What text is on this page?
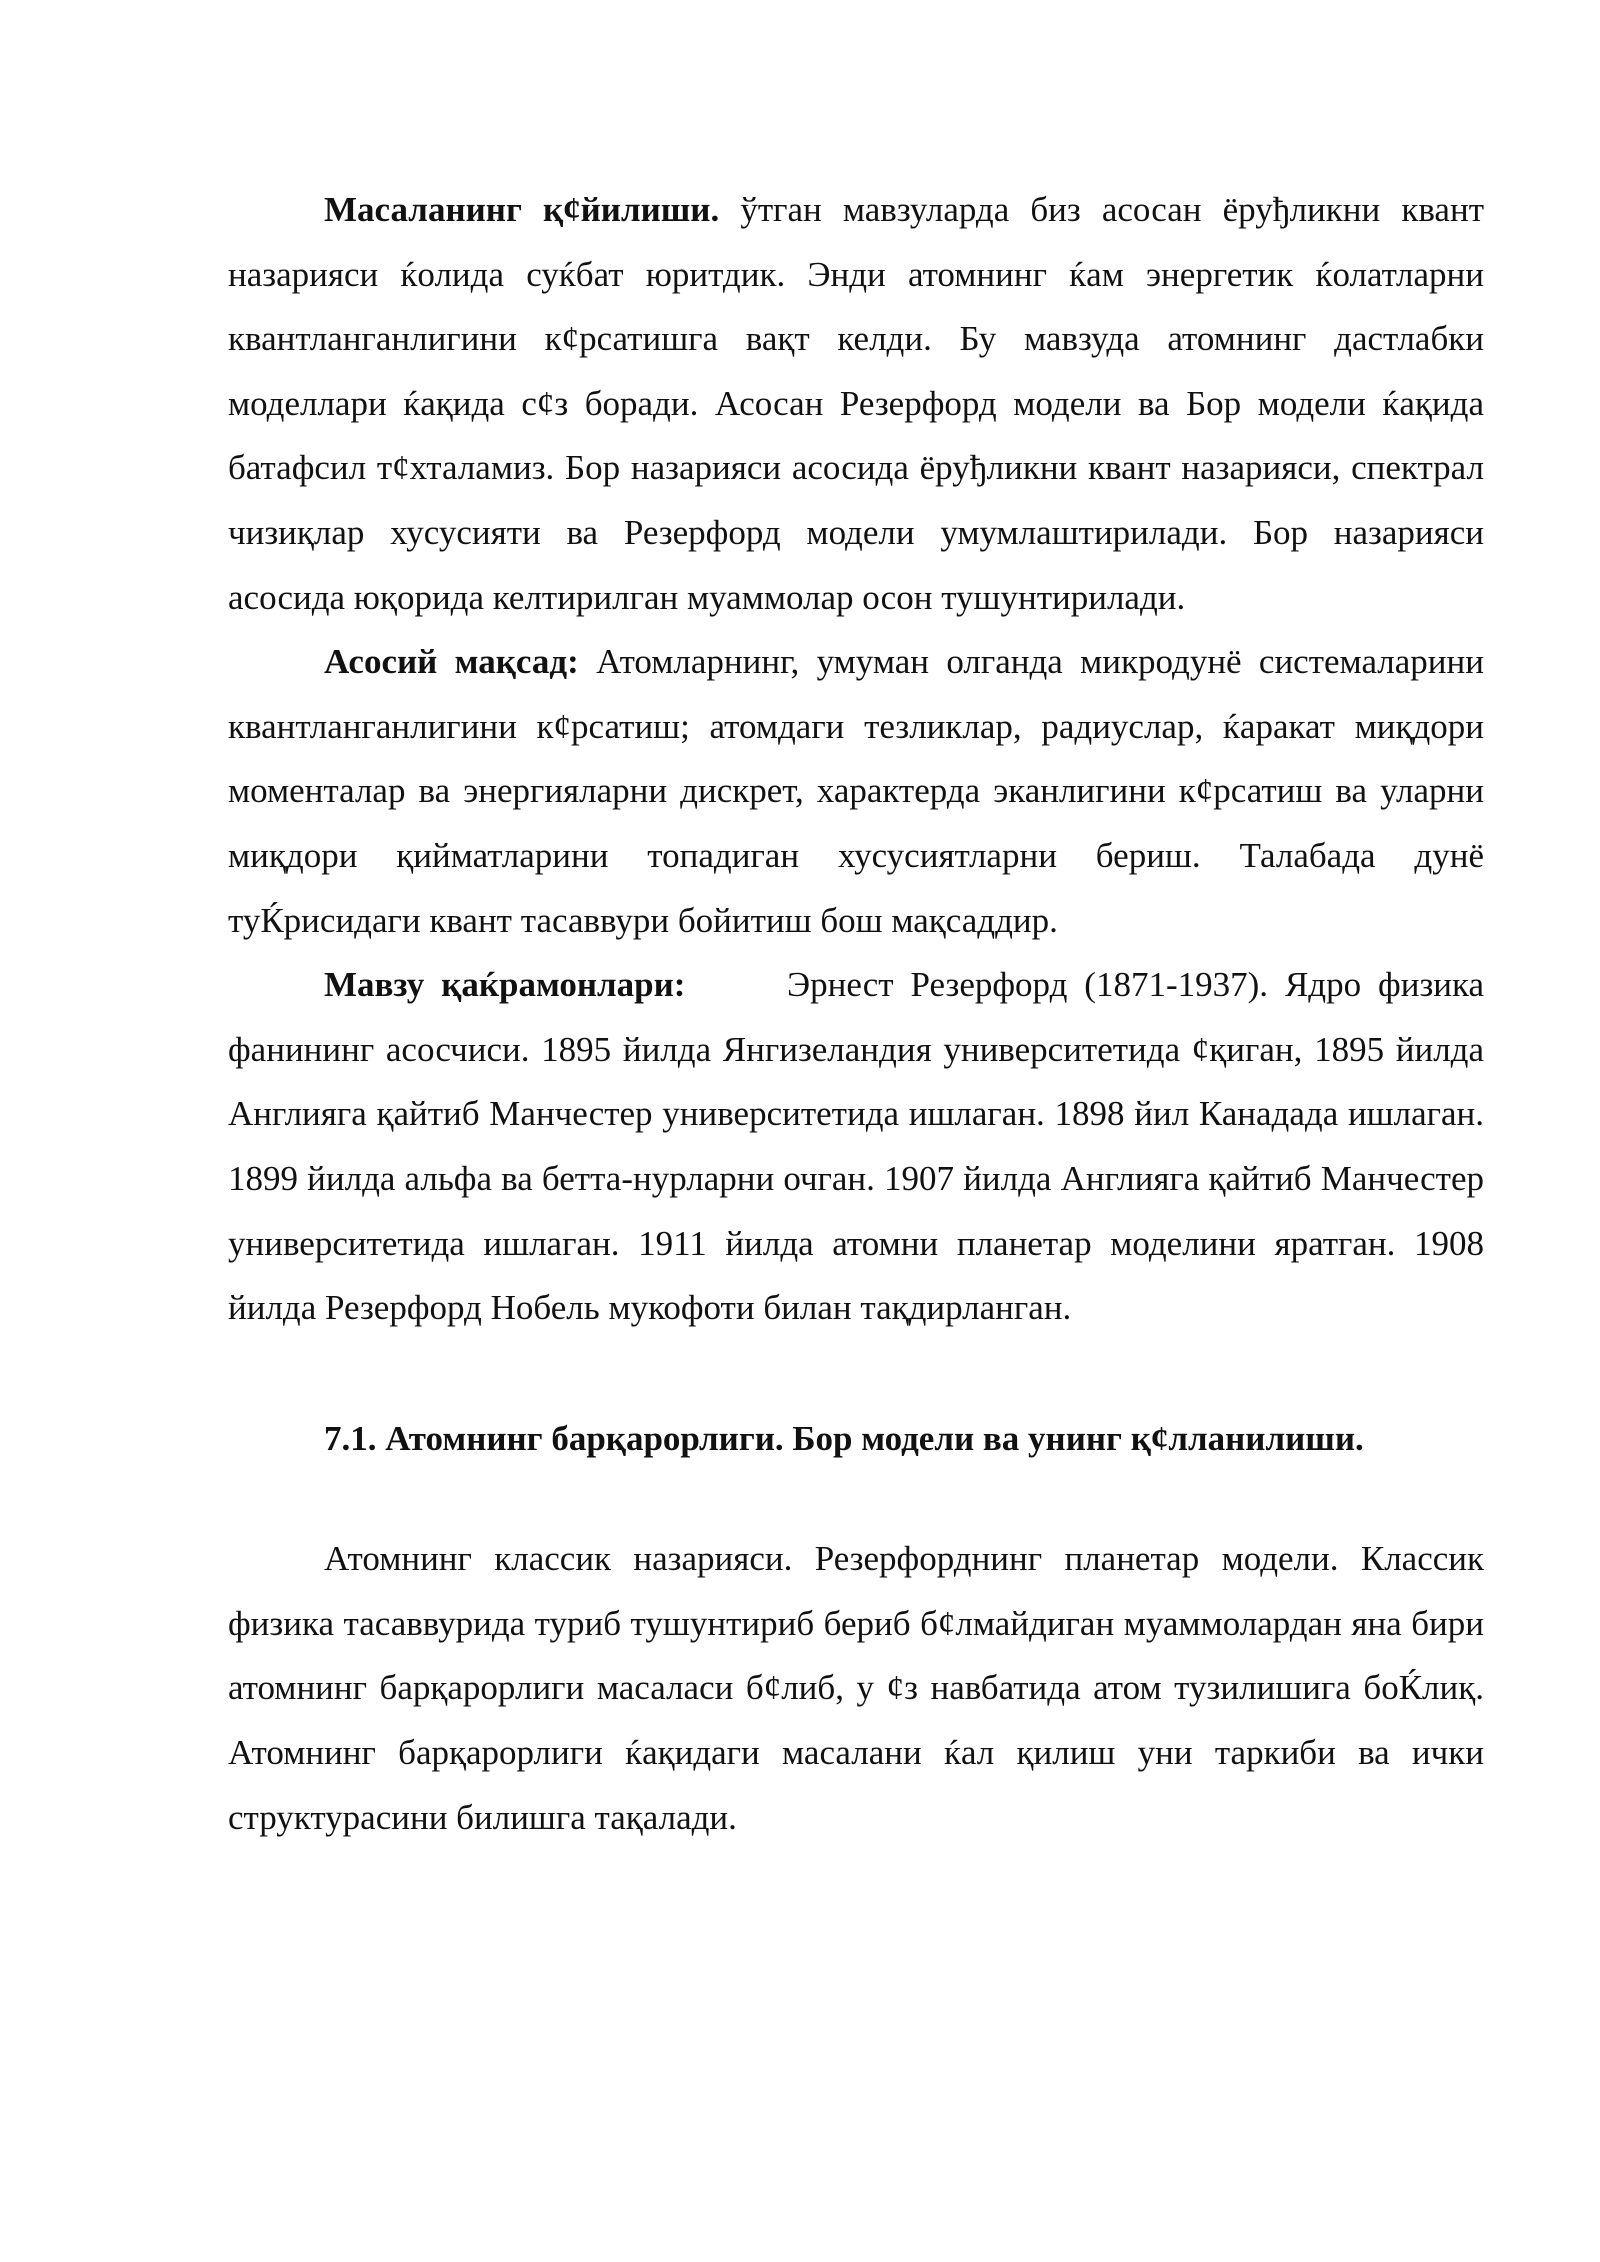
Масаланинг қ¢йилиши. ўтган мавзуларда биз асосан ёруђликни квант назарияси ќолида суќбат юритдик. Энди атомнинг ќам энергетик ќолатларни квантланганлигини к¢рсатишга вақт келди. Бу мавзуда атомнинг дастлабки моделлари ќақида с¢з боради. Асосан Резерфорд модели ва Бор модели ќақида батафсил т¢хталамиз. Бор назарияси асосида ёруђликни квант назарияси, спектрал чизиқлар хусусияти ва Резерфорд модели умумлаштирилади. Бор назарияси асосида юқорида келтирилган муаммолар осон тушунтирилади.

Асосий мақсад: Атомларнинг, умуман олганда микродунё системаларини квантланганлигини к¢рсатиш; атомдаги тезликлар, радиуслар, ќаракат миқдори моменталар ва энергияларни дискрет, характерда эканлигини к¢рсатиш ва уларни миқдори қийматларини топадиган хусусиятларни бериш. Талабада дунё туЌрисидаги квант тасаввури бойитиш бош мақсаддир.

Мавзу қаќрамонлари:      Эрнест Резерфорд (1871-1937). Ядро физика фанининг асосчиси. 1895 йилда Янгизеландия университетида ¢қиган, 1895 йилда Англияга қайтиб Манчестер университетида ишлаган. 1898 йил Канадада ишлаган. 1899 йилда альфа ва бетта-нурларни очган. 1907 йилда Англияга қайтиб Манчестер университетида ишлаган. 1911 йилда атомни планетар моделини яратган. 1908 йилда Резерфорд Нобель мукофоти билан тақдирланган.

7.1. Атомнинг барқарорлиги. Бор модели ва унинг қ¢лланилиши.

Атомнинг классик назарияси. Резерфорднинг планетар модели. Классик физика тасаввурида туриб тушунтириб бериб б¢лмайдиган муаммолардан яна бири атомнинг барқарорлиги масаласи б¢либ, у ¢з навбатида атом тузилишига боЌлиқ. Атомнинг барқарорлиги ќақидаги масалани ќал қилиш уни таркиби ва ички структурасини билишга тақалади.
